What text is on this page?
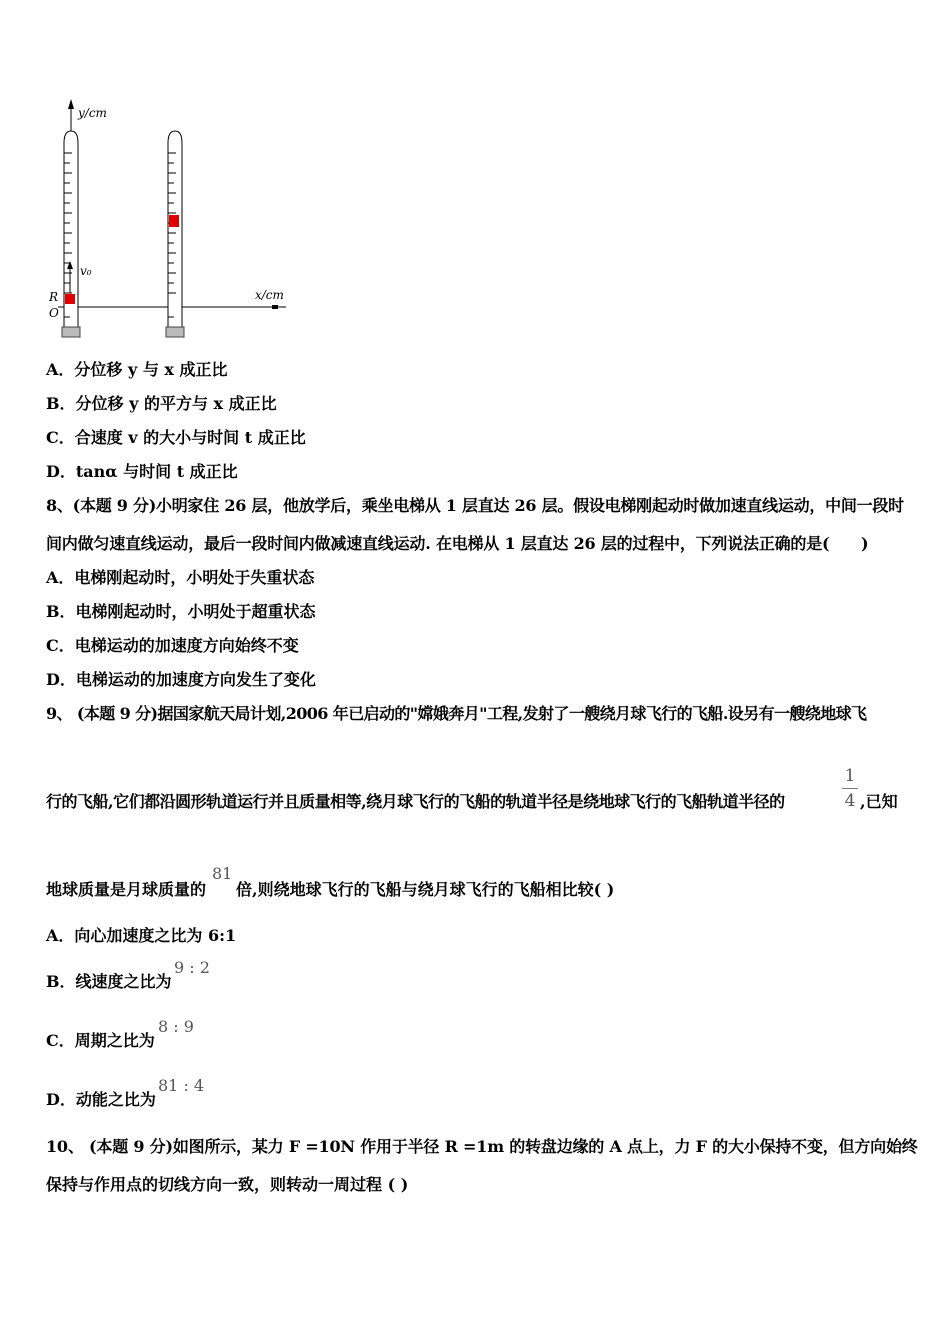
y/cm
x/cm
v₀
R
O
A．分位移 y 与 x 成正比
B．分位移 y 的平方与 x 成正比
C．合速度 v 的大小与时间 t 成正比
D．tanα 与时间 t 成正比
8、(本题 9 分)小明家住 26 层，他放学后，乘坐电梯从 1 层直达 26 层。假设电梯刚起动时做加速直线运动，中间一段时
间内做匀速直线运动，最后一段时间内做减速直线运动. 在电梯从 1 层直达 26 层的过程中，下列说法正确的是(　　)
A．电梯刚起动时，小明处于失重状态
B．电梯刚起动时，小明处于超重状态
C．电梯运动的加速度方向始终不变
D．电梯运动的加速度方向发生了变化
9、 (本题 9 分)据国家航天局计划,2006 年已启动的"嫦娥奔月"工程,发射了一艘绕月球飞行的飞船.设另有一艘绕地球飞
行的飞船,它们都沿圆形轨道运行并且质量相等,绕月球飞行的飞船的轨道半径是绕地球飞行的飞船轨道半径的
1
4 ,已知
地球质量是月球质量的
81
倍,则绕地球飞行的飞船与绕月球飞行的飞船相比较( )
A．向心加速度之比为 6:1
B．线速度之比为
9 : 2
C．周期之比为
8 : 9
D．动能之比为
81 : 4
10、 (本题 9 分)如图所示，某力 F =10N 作用于半径 R =1m 的转盘边缘的 A 点上，力 F 的大小保持不变，但方向始终
保持与作用点的切线方向一致，则转动一周过程 ( )
